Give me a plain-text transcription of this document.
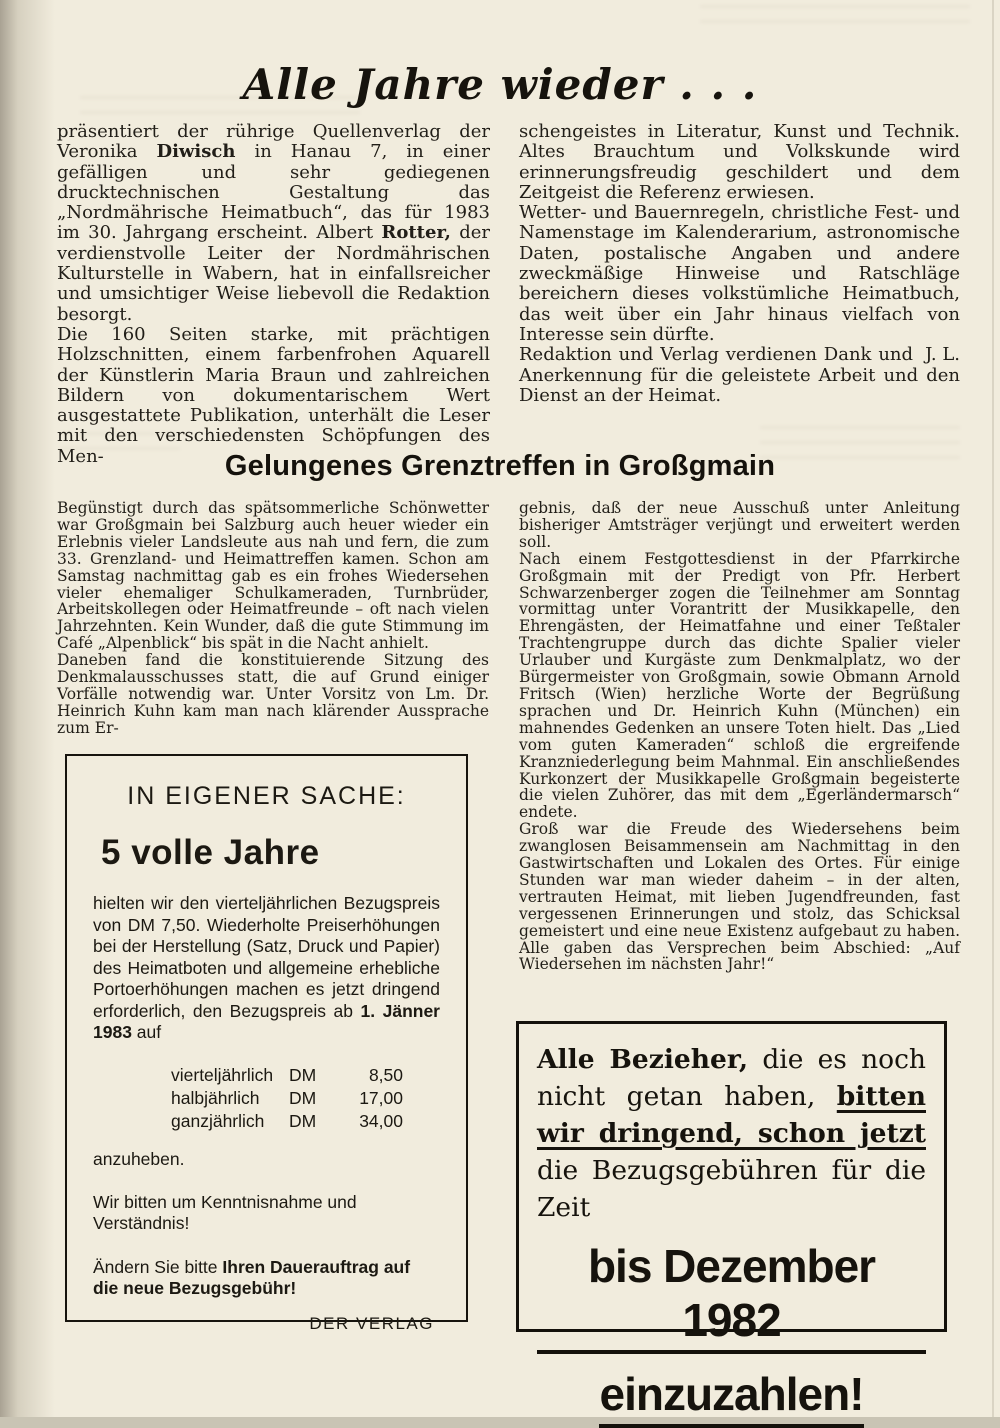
Alle Jahre wieder . . .

präsentiert der rührige Quellenverlag der Veronika Diwisch in Hanau 7, in einer gefälligen und sehr gediegenen drucktechnischen Gestaltung das „Nordmährische Heimatbuch“, das für 1983 im 30. Jahrgang erscheint. Albert Rotter, der verdienstvolle Leiter der Nordmährischen Kulturstelle in Wabern, hat in einfallsreicher und umsichtiger Weise liebevoll die Redaktion besorgt.

Die 160 Seiten starke, mit prächtigen Holzschnitten, einem farbenfrohen Aquarell der Künstlerin Maria Braun und zahlreichen Bildern von dokumentarischem Wert ausgestattete Publikation, unterhält die Leser mit den verschiedensten Schöpfungen des Men-

schengeistes in Literatur, Kunst und Technik. Altes Brauchtum und Volkskunde wird erinnerungsfreudig geschildert und dem Zeitgeist die Referenz erwiesen.

Wetter- und Bauernregeln, christliche Fest- und Namenstage im Kalenderarium, astronomische Daten, postalische Angaben und andere zweckmäßige Hinweise und Ratschläge bereichern dieses volkstümliche Heimatbuch, das weit über ein Jahr hinaus vielfach von Interesse sein dürfte.

J. L.
Redaktion und Verlag verdienen Dank und Anerkennung für die geleistete Arbeit und den Dienst an der Heimat.

Gelungenes Grenztreffen in Großgmain

Begünstigt durch das spätsommerliche Schönwetter war Großgmain bei Salzburg auch heuer wieder ein Erlebnis vieler Landsleute aus nah und fern, die zum 33. Grenzland- und Heimattreffen kamen. Schon am Samstag nachmittag gab es ein frohes Wiedersehen vieler ehemaliger Schulkameraden, Turnbrüder, Arbeitskollegen oder Heimatfreunde – oft nach vielen Jahrzehnten. Kein Wunder, daß die gute Stimmung im Café „Alpenblick“ bis spät in die Nacht anhielt.

Daneben fand die konstituierende Sitzung des Denkmalausschusses statt, die auf Grund einiger Vorfälle notwendig war. Unter Vorsitz von Lm. Dr. Heinrich Kuhn kam man nach klärender Aussprache zum Er-

gebnis, daß der neue Ausschuß unter Anleitung bisheriger Amtsträger verjüngt und erweitert werden soll.

Nach einem Festgottesdienst in der Pfarrkirche Großgmain mit der Predigt von Pfr. Herbert Schwarzenberger zogen die Teilnehmer am Sonntag vormittag unter Vorantritt der Musikkapelle, den Ehrengästen, der Heimatfahne und einer Teßtaler Trachtengruppe durch das dichte Spalier vieler Urlauber und Kurgäste zum Denkmalplatz, wo der Bürgermeister von Großgmain, sowie Obmann Arnold Fritsch (Wien) herzliche Worte der Begrüßung sprachen und Dr. Heinrich Kuhn (München) ein mahnendes Gedenken an unsere Toten hielt. Das „Lied vom guten Kameraden“ schloß die ergreifende Kranzniederlegung beim Mahnmal. Ein anschließendes Kurkonzert der Musikkapelle Großgmain begeisterte die vielen Zuhörer, das mit dem „Egerländermarsch“ endete.

Groß war die Freude des Wiedersehens beim zwanglosen Beisammensein am Nachmittag in den Gastwirtschaften und Lokalen des Ortes. Für einige Stunden war man wieder daheim – in der alten, vertrauten Heimat, mit lieben Jugendfreunden, fast vergessenen Erinnerungen und stolz, das Schicksal gemeistert und eine neue Existenz aufgebaut zu haben. Alle gaben das Versprechen beim Abschied: „Auf Wiedersehen im nächsten Jahr!“

IN EIGENER SACHE:
5 volle Jahre
hielten wir den vierteljährlichen Bezugspreis von DM 7,50. Wiederholte Preiserhöhungen bei der Herstellung (Satz, Druck und Papier) des Heimatboten und allgemeine erhebliche Portoerhöhungen machen es jetzt dringend erforderlich, den Bezugspreis ab 1. Jänner 1983 auf
vierteljährlich DM	8,50
halbjährlich	DM	17,00
ganzjährlich	DM	34,00
anzuheben.
Wir bitten um Kenntnisnahme und Verständnis!
Ändern Sie bitte Ihren Dauerauftrag auf die neue Bezugsgebühr!
DER VERLAG
Alle Bezieher, die es noch nicht getan haben, bitten wir dringend, schon jetzt die Bezugsgebühren für die Zeit
bis Dezember 1982
einzuzahlen!
